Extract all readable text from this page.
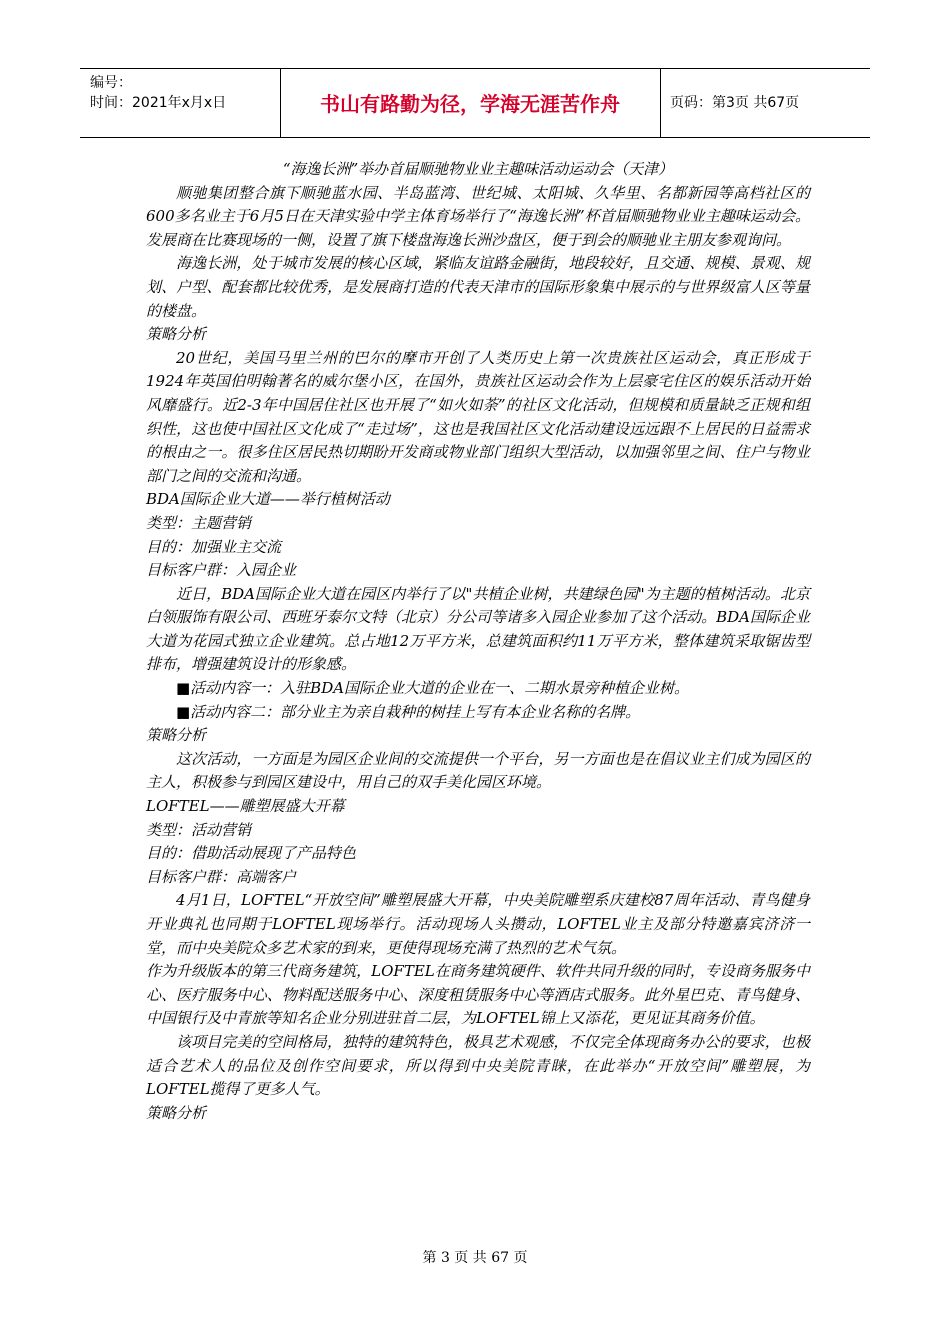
编号：
时间：2021年x月x日	书山有路勤为径，学海无涯苦作舟	页码：第3页 共67页

“海逸长洲”举办首届顺驰物业业主趣味活动运动会（天津）

顺驰集团整合旗下顺驰蓝水园、半岛蓝湾、世纪城、太阳城、久华里、名都新园等高档社区的600多名业主于6月5日在天津实验中学主体育场举行了“海逸长洲”杯首届顺驰物业业主趣味运动会。发展商在比赛现场的一侧，设置了旗下楼盘海逸长洲沙盘区，便于到会的顺驰业主朋友参观询问。

海逸长洲，处于城市发展的核心区域，紧临友谊路金融街，地段较好，且交通、规模、景观、规划、户型、配套都比较优秀，是发展商打造的代表天津市的国际形象集中展示的与世界级富人区等量的楼盘。

策略分析

20世纪，美国马里兰州的巴尔的摩市开创了人类历史上第一次贵族社区运动会，真正形成于1924年英国伯明翰著名的威尔堡小区，在国外，贵族社区运动会作为上层豪宅住区的娱乐活动开始风靡盛行。近2-3年中国居住社区也开展了“如火如荼”的社区文化活动，但规模和质量缺乏正规和组织性，这也使中国社区文化成了“走过场”，这也是我国社区文化活动建设远远跟不上居民的日益需求的根由之一。很多住区居民热切期盼开发商或物业部门组织大型活动，以加强邻里之间、住户与物业部门之间的交流和沟通。

BDA国际企业大道——举行植树活动

类型：主题营销

目的：加强业主交流

目标客户群：入园企业

近日，BDA国际企业大道在园区内举行了以"共植企业树，共建绿色园"为主题的植树活动。北京白领服饰有限公司、西班牙泰尔文特（北京）分公司等诸多入园企业参加了这个活动。BDA国际企业大道为花园式独立企业建筑。总占地12万平方米，总建筑面积约11万平方米，整体建筑采取锯齿型排布，增强建筑设计的形象感。

■活动内容一：入驻BDA国际企业大道的企业在一、二期水景旁种植企业树。

■活动内容二：部分业主为亲自栽种的树挂上写有本企业名称的名牌。

策略分析

这次活动，一方面是为园区企业间的交流提供一个平台，另一方面也是在倡议业主们成为园区的主人，积极参与到园区建设中，用自己的双手美化园区环境。

LOFTEL——雕塑展盛大开幕

类型：活动营销

目的：借助活动展现了产品特色

目标客户群：高端客户

4月1日，LOFTEL“开放空间”雕塑展盛大开幕，中央美院雕塑系庆建校87周年活动、青鸟健身开业典礼也同期于LOFTEL现场举行。活动现场人头攒动，LOFTEL业主及部分特邀嘉宾济济一堂，而中央美院众多艺术家的到来，更使得现场充满了热烈的艺术气氛。

作为升级版本的第三代商务建筑，LOFTEL在商务建筑硬件、软件共同升级的同时，专设商务服务中心、医疗服务中心、物料配送服务中心、深度租赁服务中心等酒店式服务。此外星巴克、青鸟健身、中国银行及中青旅等知名企业分别进驻首二层，为LOFTEL锦上又添花，更见证其商务价值。

该项目完美的空间格局，独特的建筑特色，极具艺术观感，不仅完全体现商务办公的要求，也极适合艺术人的品位及创作空间要求，所以得到中央美院青睐，在此举办“开放空间”雕塑展，为LOFTEL揽得了更多人气。

策略分析

第 3 页 共 67 页
